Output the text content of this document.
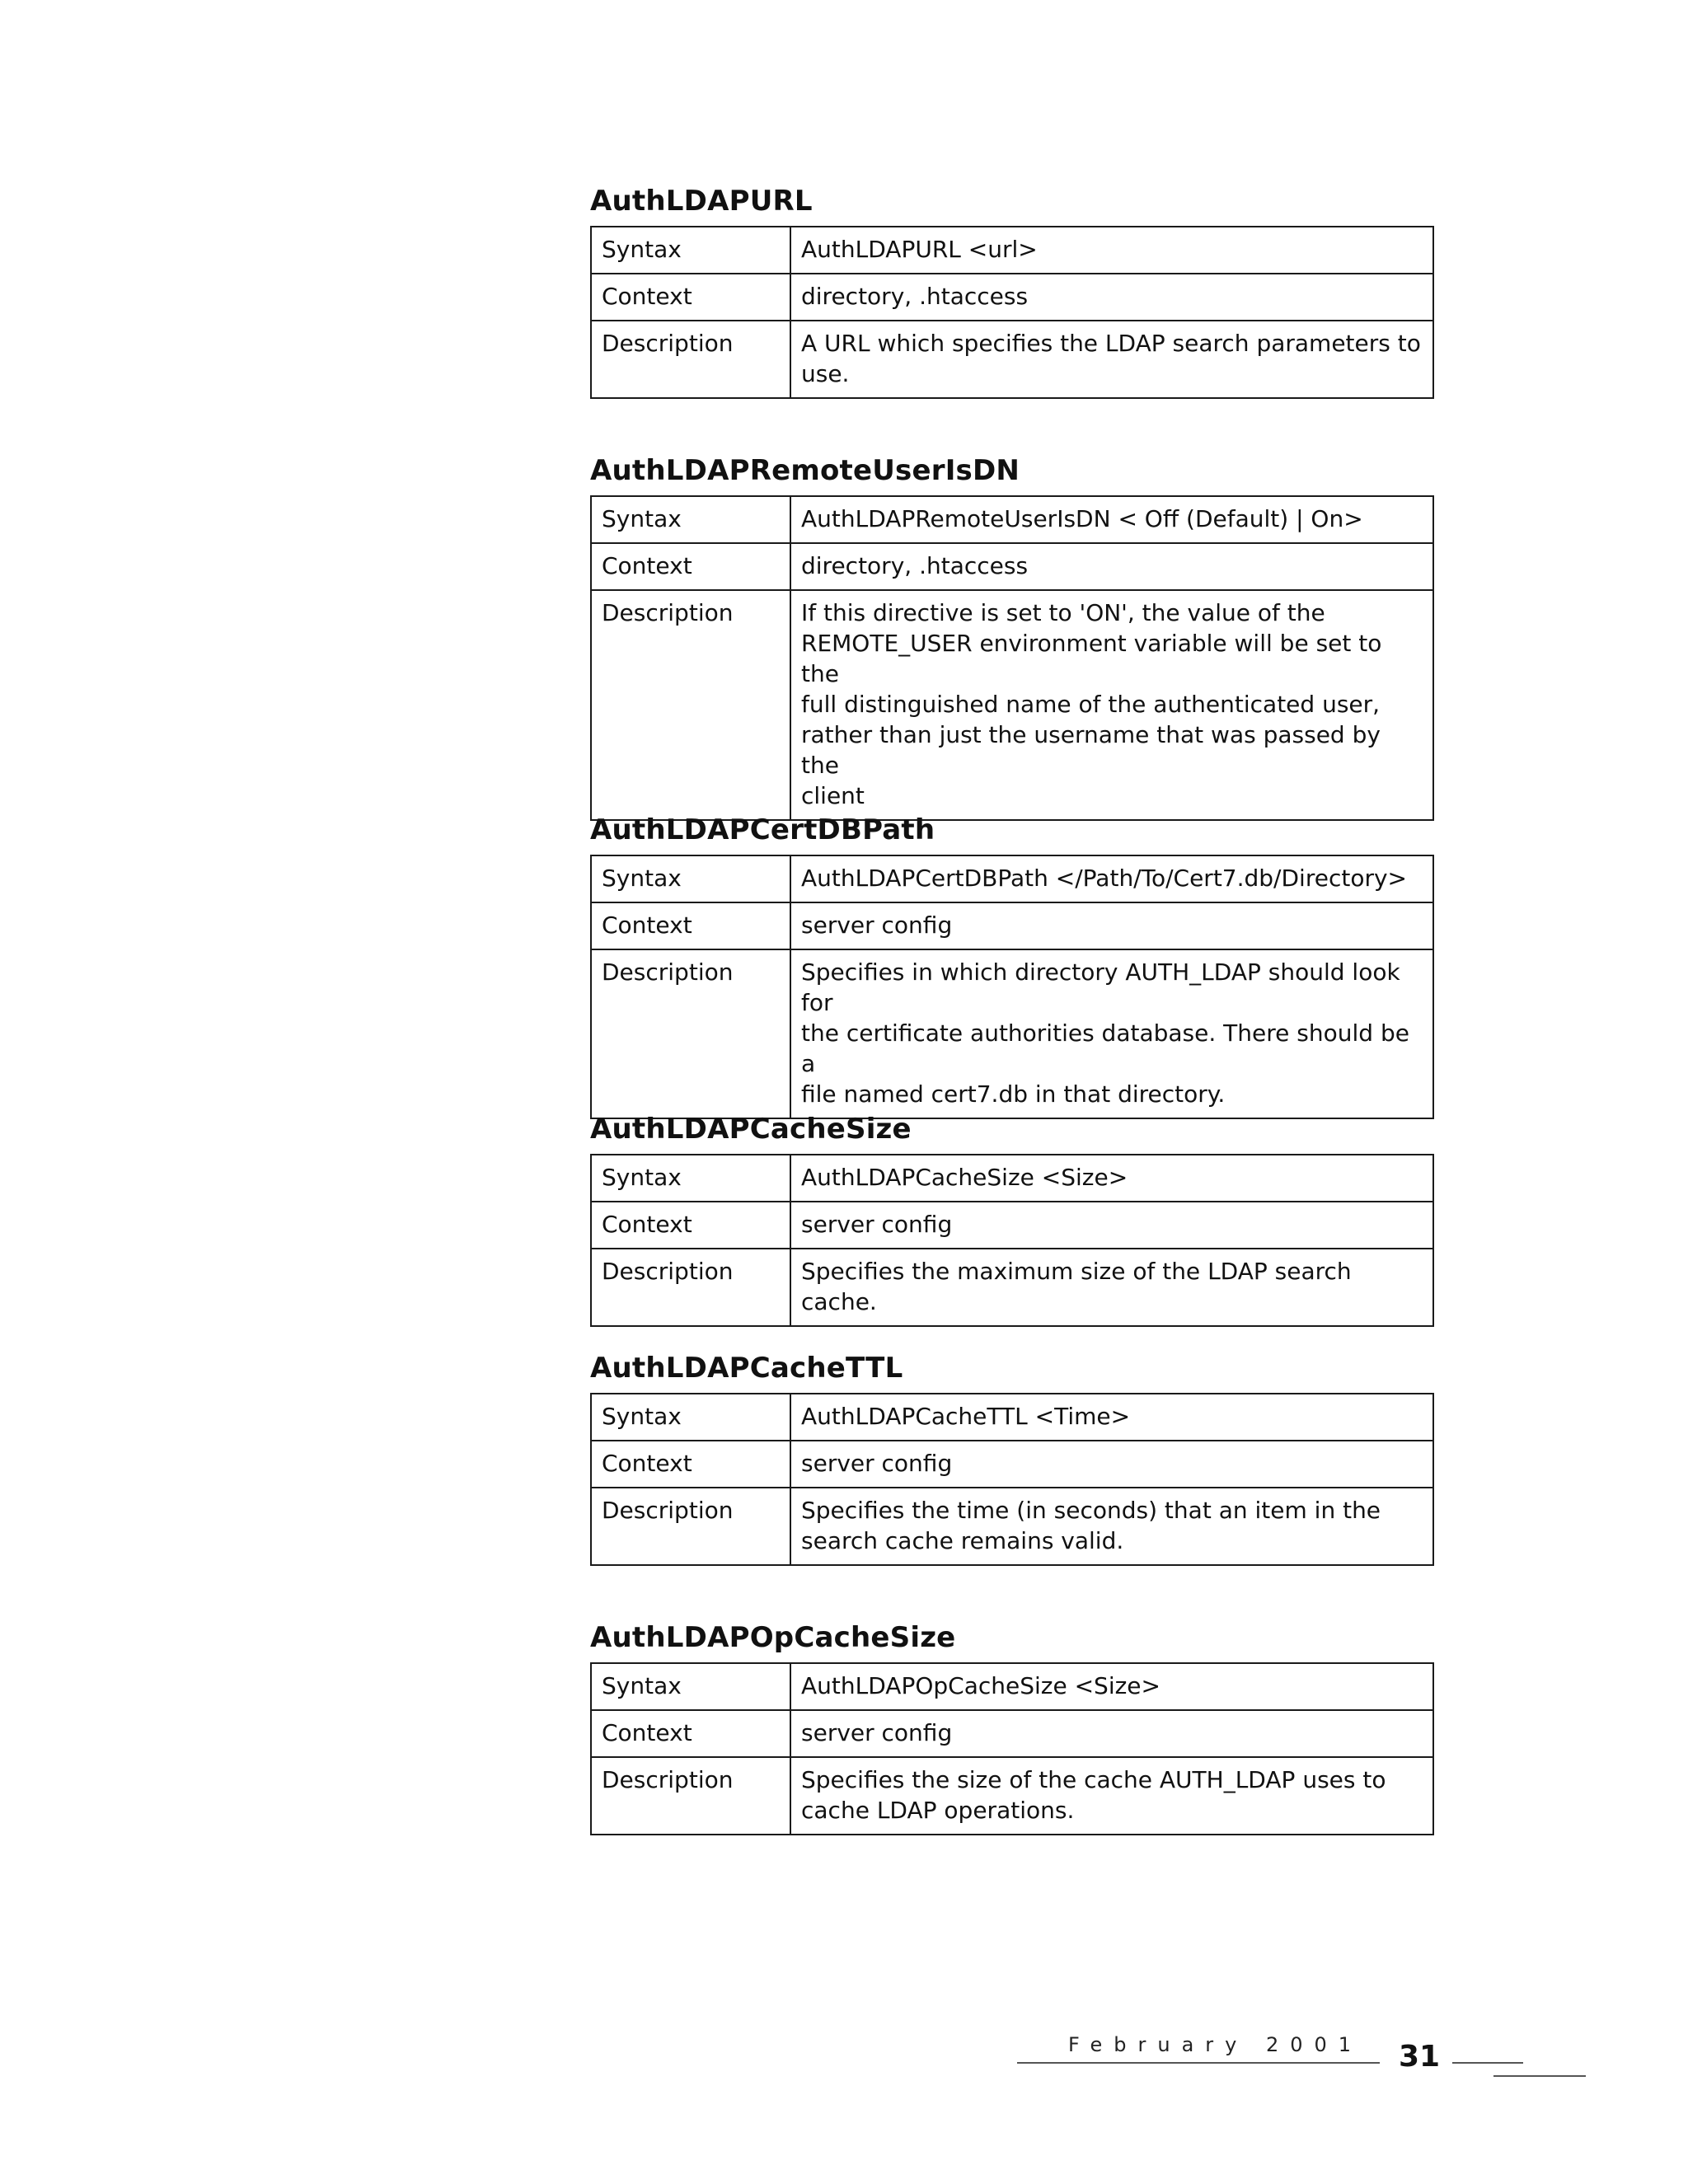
AuthLDAPURL
Syntax	AuthLDAPURL <url>

Context	directory, .htaccess

Description	A URL which specifies the LDAP search parameters to
use.
AuthLDAPRemoteUserIsDN
Syntax	AuthLDAPRemoteUserIsDN < Off (Default) | On>

Context	directory, .htaccess

Description	If this directive is set to 'ON', the value of the
REMOTE_USER environment variable will be set to the
full distinguished name of the authenticated user,
rather than just the username that was passed by the
client
AuthLDAPCertDBPath
Syntax	AuthLDAPCertDBPath </Path/To/Cert7.db/Directory>

Context	server config

Description	Specifies in which directory AUTH_LDAP should look for
the certificate authorities database. There should be a
file named cert7.db in that directory.
AuthLDAPCacheSize
Syntax	AuthLDAPCacheSize <Size>

Context	server config

Description	Specifies the maximum size of the LDAP search cache.
AuthLDAPCacheTTL
Syntax	AuthLDAPCacheTTL <Time>

Context	server config

Description	Specifies the time (in seconds) that an item in the
search cache remains valid.
AuthLDAPOpCacheSize
Syntax	AuthLDAPOpCacheSize <Size>

Context	server config

Description	Specifies the size of the cache AUTH_LDAP uses to
cache LDAP operations.
February 2001 31
